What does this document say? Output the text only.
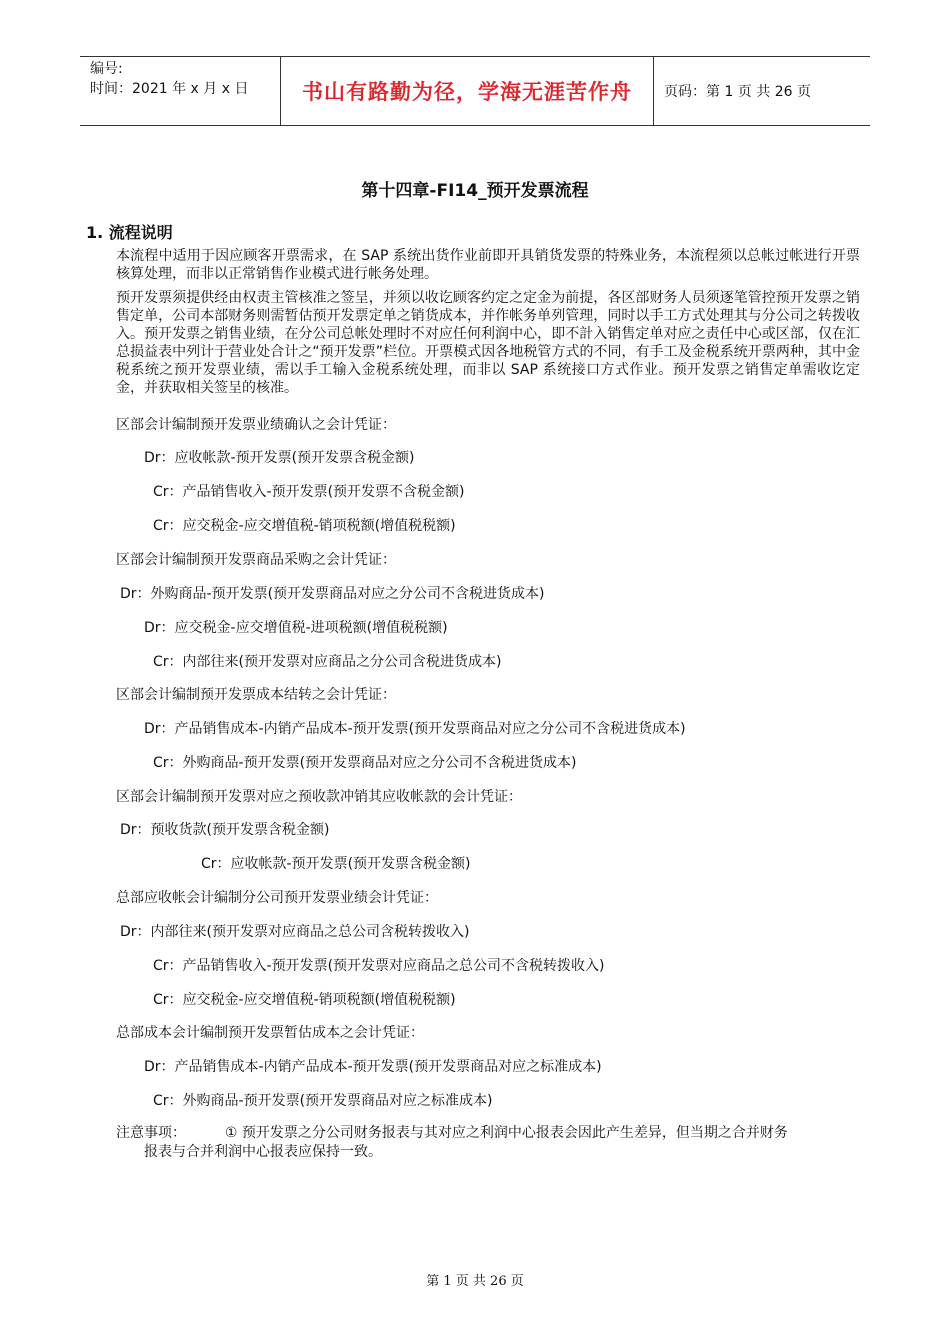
编号:
时间：2021 年 x 月 x 日	书山有路勤为径，学海无涯苦作舟	页码：第 1 页 共 26 页
第十四章-FI14_预开发票流程
1. 流程说明
本流程中适用于因应顾客开票需求，在 SAP 系统出货作业前即开具销货发票的特殊业务，本流程须以总帐过帐进行开票核算处理，而非以正常销售作业模式进行帐务处理。
预开发票须提供经由权责主管核准之签呈，并须以收讫顾客约定之定金为前提，各区部财务人员须逐笔管控预开发票之销售定单，公司本部财务则需暂估预开发票定单之销货成本，并作帐务单列管理，同时以手工方式处理其与分公司之转拨收入。预开发票之销售业绩，在分公司总帐处理时不对应任何利润中心，即不計入销售定单对应之责任中心或区部，仅在汇总损益表中列计于营业处合计之“预开发票”栏位。开票模式因各地税管方式的不同，有手工及金税系统开票两种，其中金税系统之预开发票业绩，需以手工输入金税系统处理，而非以 SAP 系统接口方式作业。预开发票之销售定单需收讫定金，并获取相关签呈的核准。
区部会计编制预开发票业绩确认之会计凭证：
Dr：应收帐款-预开发票(预开发票含税金额)
Cr：产品销售收入-预开发票(预开发票不含税金额)
Cr：应交税金-应交增值税-销项税额(增值税税额)
区部会计编制预开发票商品采购之会计凭证：
Dr：外购商品-预开发票(预开发票商品对应之分公司不含税进货成本)
Dr：应交税金-应交增值税-进项税额(增值税税额)
Cr：内部往来(预开发票对应商品之分公司含税进货成本)
区部会计编制预开发票成本结转之会计凭证：
Dr：产品销售成本-内销产品成本-预开发票(预开发票商品对应之分公司不含税进货成本)
Cr：外购商品-预开发票(预开发票商品对应之分公司不含税进货成本)
区部会计编制预开发票对应之预收款冲销其应收帐款的会计凭证：
Dr：预收货款(预开发票含税金额)
Cr：应收帐款-预开发票(预开发票含税金额)
总部应收帐会计编制分公司预开发票业绩会计凭证：
Dr：内部往来(预开发票对应商品之总公司含税转拨收入)
Cr：产品销售收入-预开发票(预开发票对应商品之总公司不含税转拨收入)
Cr：应交税金-应交增值税-销项税额(增值税税额)
总部成本会计编制预开发票暂估成本之会计凭证：
Dr：产品销售成本-内销产品成本-预开发票(预开发票商品对应之标准成本)
Cr：外购商品-预开发票(预开发票商品对应之标准成本)
注意事项：	① 预开发票之分公司财务报表与其对应之利润中心报表会因此产生差异，但当期之合并财务
报表与合并利润中心报表应保持一致。
第 1 页 共 26 页
